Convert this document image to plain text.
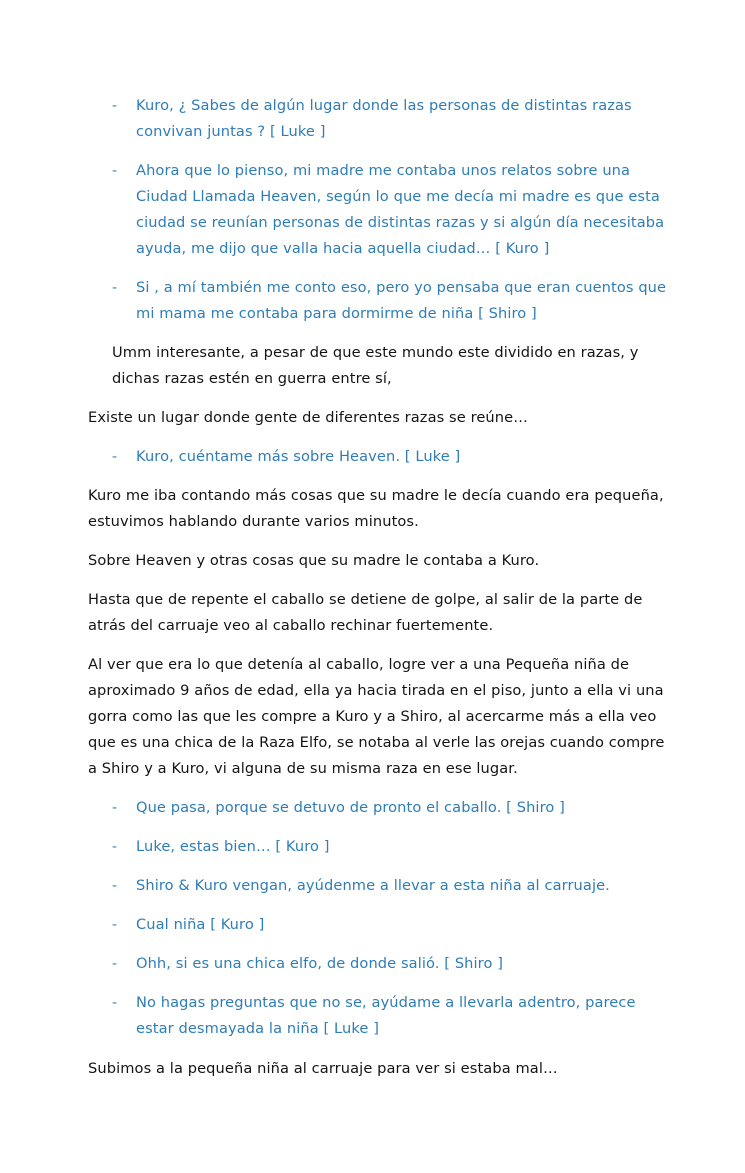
- Kuro, ¿ Sabes de algún lugar donde las personas de distintas razas
convivan juntas ? [ Luke ]
- Ahora que lo pienso, mi madre me contaba unos relatos sobre una
Ciudad Llamada Heaven, según lo que me decía mi madre es que esta
ciudad se reunían personas de distintas razas y si algún día necesitaba
ayuda, me dijo que valla hacia aquella ciudad… [ Kuro ]
- Si , a mí también me conto eso, pero yo pensaba que eran cuentos que
mi mama me contaba para dormirme de niña [ Shiro ]
Umm interesante, a pesar de que este mundo este dividido en razas, y
dichas razas estén en guerra entre sí,
Existe un lugar donde gente de diferentes razas se reúne…
- Kuro, cuéntame más sobre Heaven. [ Luke ]
Kuro me iba contando más cosas que su madre le decía cuando era pequeña,
estuvimos hablando durante varios minutos.
Sobre Heaven y otras cosas que su madre le contaba a Kuro.
Hasta que de repente el caballo se detiene de golpe, al salir de la parte de
atrás del carruaje veo al caballo rechinar fuertemente.
Al ver que era lo que detenía al caballo, logre ver a una Pequeña niña de
aproximado 9 años de edad, ella ya hacia tirada en el piso, junto a ella vi una
gorra como las que les compre a Kuro y a Shiro, al acercarme más a ella veo
que es una chica de la Raza Elfo, se notaba al verle las orejas cuando compre
a Shiro y a Kuro, vi alguna de su misma raza en ese lugar.
- Que pasa, porque se detuvo de pronto el caballo. [ Shiro ]
- Luke, estas bien… [ Kuro ]
- Shiro & Kuro vengan, ayúdenme a llevar a esta niña al carruaje.
- Cual niña [ Kuro ]
- Ohh, si es una chica elfo, de donde salió. [ Shiro ]
- No hagas preguntas que no se, ayúdame a llevarla adentro, parece
estar desmayada la niña [ Luke ]
Subimos a la pequeña niña al carruaje para ver si estaba mal…
